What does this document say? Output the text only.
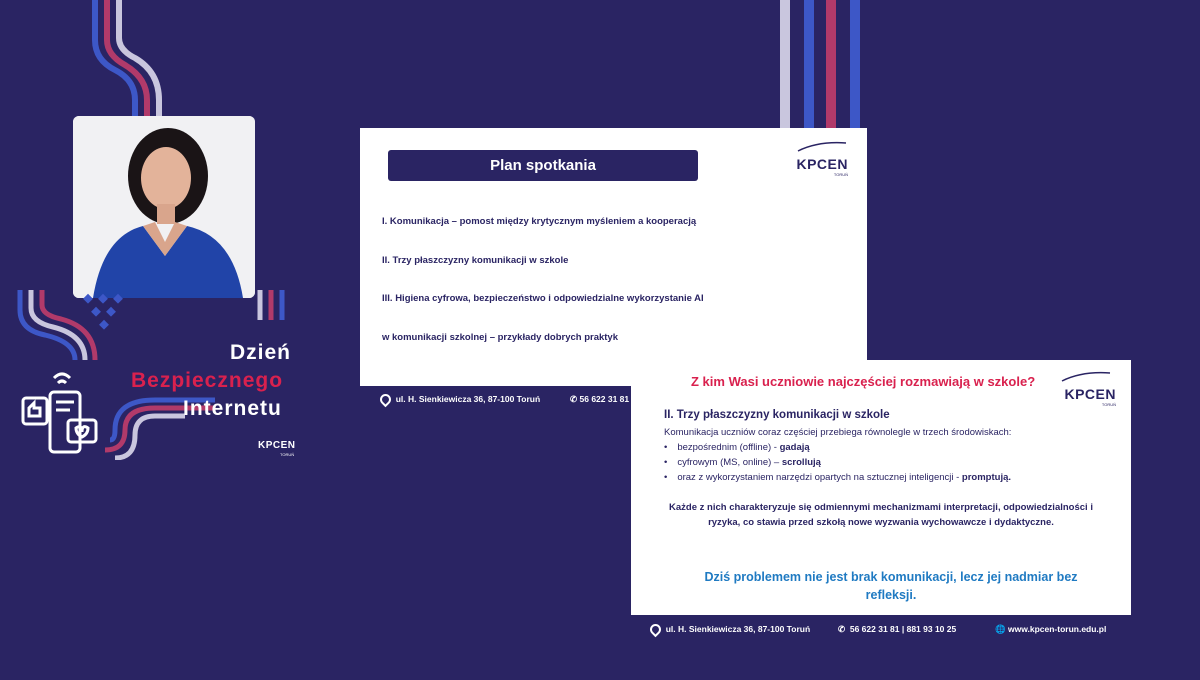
Dzień
Bezpiecznego
Internetu
KPCEN
TORUŃ
Plan spotkania	KPCEN
TORUŃ
I. Komunikacja – pomost między krytycznym myśleniem a kooperacją
II. Trzy płaszczyzny komunikacji w szkole
III. Higiena cyfrowa, bezpieczeństwo i odpowiedzialne wykorzystanie AI
w komunikacji szkolnej – przykłady dobrych praktyk
ul. H. Sienkiewicza 36, 87-100 Toruń	✆ 56 622 31 81
Z kim Wasi uczniowie najczęściej rozmawiają w szkole?
KPCEN
TORUŃ
II. Trzy płaszczyzny komunikacji w szkole
Komunikacja uczniów coraz częściej przebiega równolegle w trzech środowiskach:
• bezpośrednim (offline) - gadają
• cyfrowym (MS, online) – scrollują
• oraz z wykorzystaniem narzędzi opartych na sztucznej inteligencji - promptują.
Każde z nich charakteryzuje się odmiennymi mechanizmami interpretacji, odpowiedzialności i ryzyka, co stawia przed szkołą nowe wyzwania wychowawcze i dydaktyczne.
Dziś problemem nie jest brak komunikacji, lecz jej nadmiar bez refleksji.
ul. H. Sienkiewicza 36, 87-100 Toruń	✆ 56 622 31 81 | 881 93 10 25	🌐 www.kpcen-torun.edu.pl
